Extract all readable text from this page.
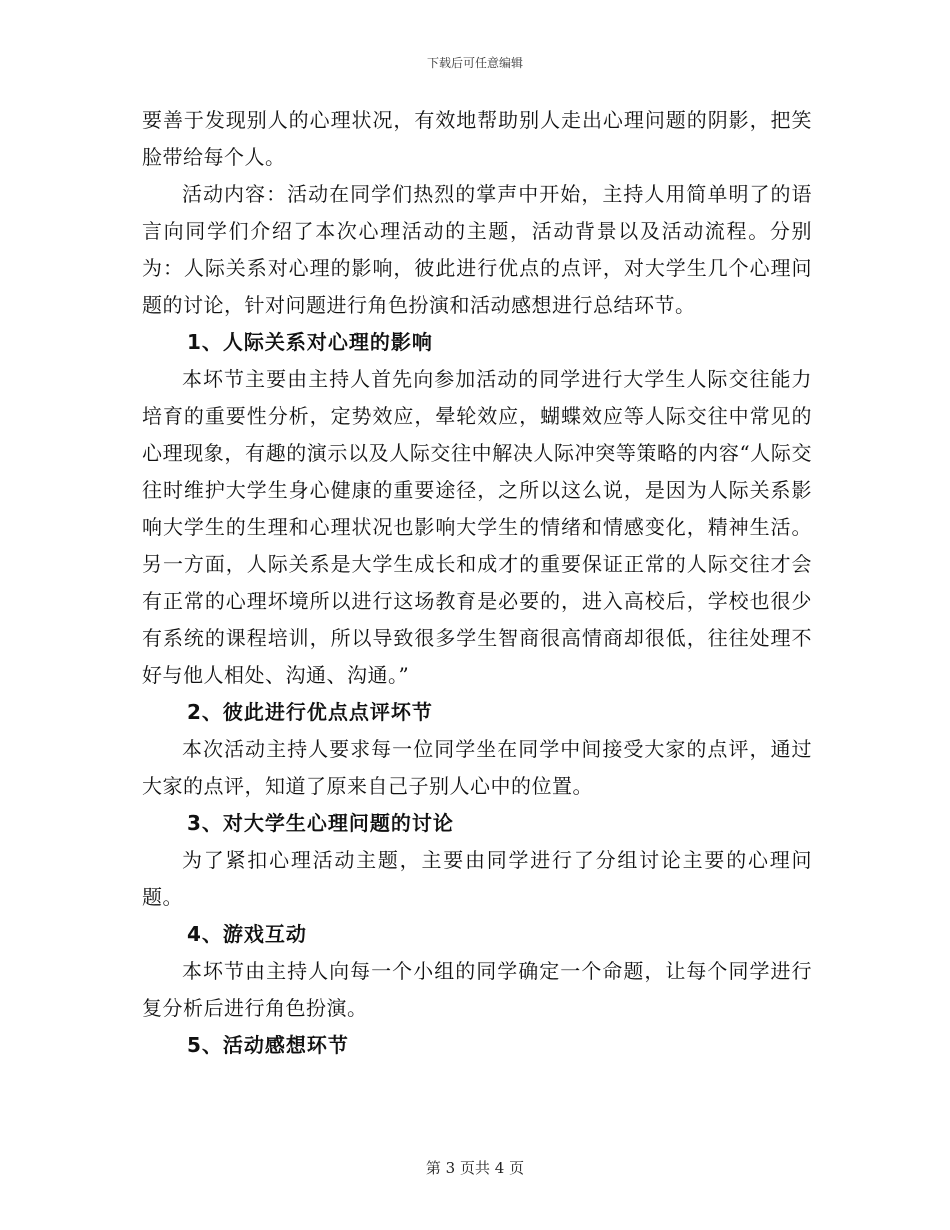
下载后可任意编辑

要善于发现别人的心理状况，有效地帮助别人走出心理问题的阴影，把笑脸带给每个人。

活动内容：活动在同学们热烈的掌声中开始，主持人用简单明了的语言向同学们介绍了本次心理活动的主题，活动背景以及活动流程。分别为：人际关系对心理的影响，彼此进行优点的点评，对大学生几个心理问题的讨论，针对问题进行角色扮演和活动感想进行总结环节。

1、人际关系对心理的影响

本坏节主要由主持人首先向参加活动的同学进行大学生人际交往能力培育的重要性分析，定势效应，晕轮效应，蝴蝶效应等人际交往中常见的心理现象，有趣的演示以及人际交往中解决人际冲突等策略的内容“人际交往时维护大学生身心健康的重要途径，之所以这么说，是因为人际关系影响大学生的生理和心理状况也影响大学生的情绪和情感变化，精神生活。另一方面，人际关系是大学生成长和成才的重要保证正常的人际交往才会有正常的心理坏境所以进行这场教育是必要的，进入高校后，学校也很少有系统的课程培训，所以导致很多学生智商很高情商却很低，往往处理不好与他人相处、沟通、沟通。”

2、彼此进行优点点评坏节

本次活动主持人要求每一位同学坐在同学中间接受大家的点评，通过大家的点评，知道了原来自己子别人心中的位置。

3、对大学生心理问题的讨论

为了紧扣心理活动主题，主要由同学进行了分组讨论主要的心理问题。

4、游戏互动

本坏节由主持人向每一个小组的同学确定一个命题，让每个同学进行复分析后进行角色扮演。

5、活动感想环节

第 3 页共 4 页
